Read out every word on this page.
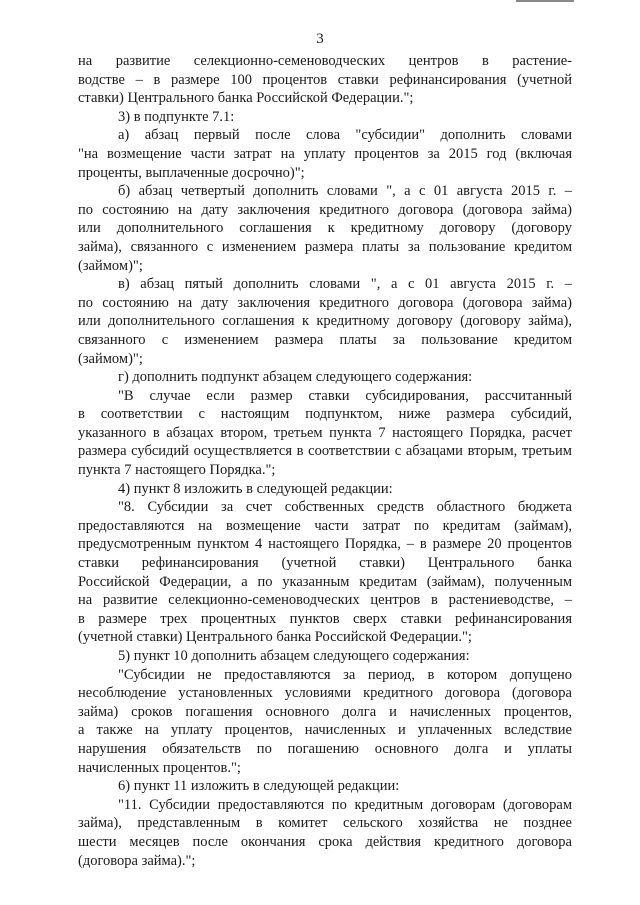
3
на развитие селекционно-семеноводческих центров в растение-
водстве – в размере 100 процентов ставки рефинансирования (учетной
ставки) Центрального банка Российской Федерации.";
3) в подпункте 7.1:
а) абзац первый после слова "субсидии" дополнить словами
"на возмещение части затрат на уплату процентов за 2015 год (включая
проценты, выплаченные досрочно)";
б) абзац четвертый дополнить словами ", а с 01 августа 2015 г. –
по состоянию на дату заключения кредитного договора (договора займа)
или дополнительного соглашения к кредитному договору (договору
займа), связанного с изменением размера платы за пользование кредитом
(займом)";
в) абзац пятый дополнить словами ", а с 01 августа 2015 г. –
по состоянию на дату заключения кредитного договора (договора займа)
или дополнительного соглашения к кредитному договору (договору займа),
связанного с изменением размера платы за пользование кредитом
(займом)";
г) дополнить подпункт абзацем следующего содержания:
"В случае если размер ставки субсидирования, рассчитанный
в соответствии с настоящим подпунктом, ниже размера субсидий,
указанного в абзацах втором, третьем пункта 7 настоящего Порядка, расчет
размера субсидий осуществляется в соответствии с абзацами вторым, третьим
пункта 7 настоящего Порядка.";
4) пункт 8 изложить в следующей редакции:
"8. Субсидии за счет собственных средств областного бюджета
предоставляются на возмещение части затрат по кредитам (займам),
предусмотренным пунктом 4 настоящего Порядка, – в размере 20 процентов
ставки рефинансирования (учетной ставки) Центрального банка
Российской Федерации, а по указанным кредитам (займам), полученным
на развитие селекционно-семеноводческих центров в растениеводстве, –
в размере трех процентных пунктов сверх ставки рефинансирования
(учетной ставки) Центрального банка Российской Федерации.";
5) пункт 10 дополнить абзацем следующего содержания:
"Субсидии не предоставляются за период, в котором допущено
несоблюдение установленных условиями кредитного договора (договора
займа) сроков погашения основного долга и начисленных процентов,
а также на уплату процентов, начисленных и уплаченных вследствие
нарушения обязательств по погашению основного долга и уплаты
начисленных процентов.";
6) пункт 11 изложить в следующей редакции:
"11. Субсидии предоставляются по кредитным договорам (договорам
займа), представленным в комитет сельского хозяйства не позднее
шести месяцев после окончания срока действия кредитного договора
(договора займа).";
